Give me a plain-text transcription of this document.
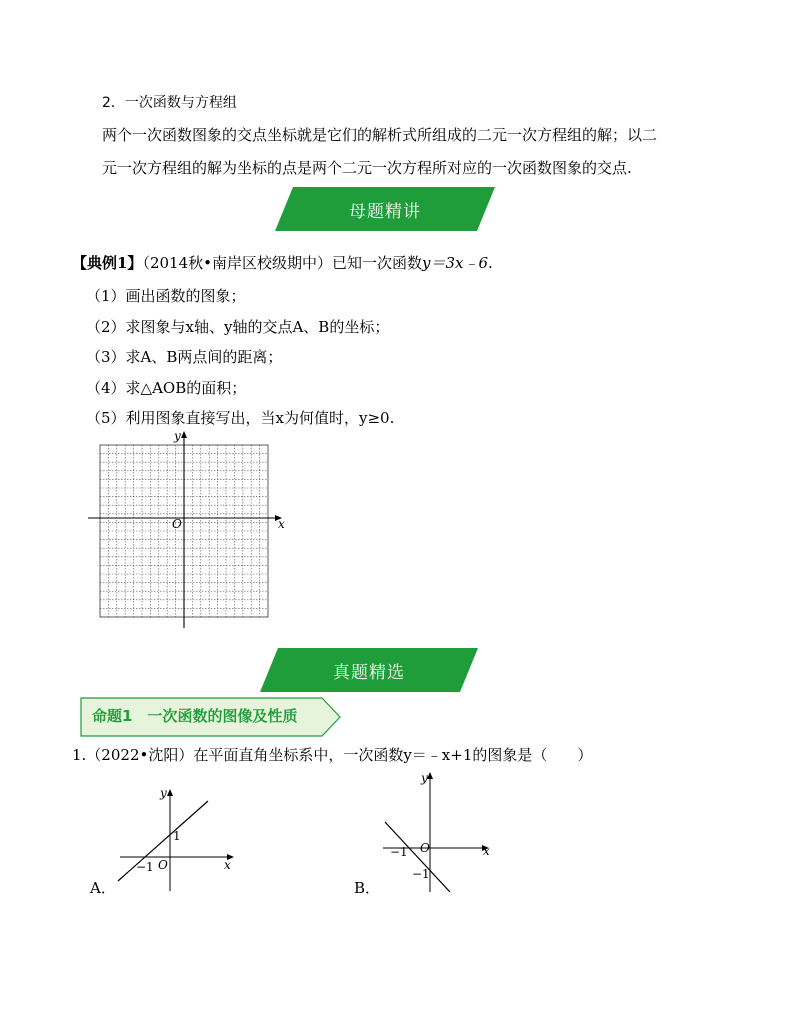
2．一次函数与方程组
两个一次函数图象的交点坐标就是它们的解析式所组成的二元一次方程组的解；以二
元一次方程组的解为坐标的点是两个二元一次方程所对应的一次函数图象的交点.
母题精讲
【典例1】（2014秋•南岸区校级期中）已知一次函数y＝3x﹣6.
（1）画出函数的图象；
（2）求图象与x轴、y轴的交点A、B的坐标；
（3）求A、B两点间的距离；
（4）求△AOB的面积；
（5）利用图象直接写出，当x为何值时，y≥0.
x
y
O
真题精选
命题1　一次函数的图像及性质
1.（2022•沈阳）在平面直角坐标系中，一次函数y＝﹣x+1的图象是（　　）
A．
x
y
O
−1
1
B．
x
y
O
−1
−1
